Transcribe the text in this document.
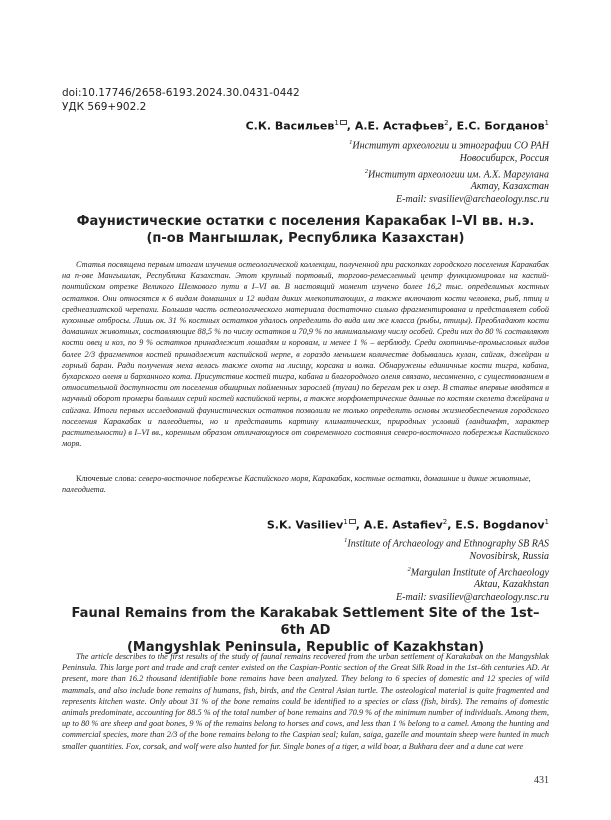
doi:10.17746/2658-6193.2024.30.0431-0442
УДК 569+902.2
С.К. Васильев$^1$ , А.Е. Астафьев$^2$, Е.С. Богданов$^1$
$^1$Институт археологии и этнографии СО РАН
Новосибирск, Россия
$^2$Институт археологии им. А.Х. Маргулана
Актау, Казахстан
E-mail: svasiliev@archaeology.nsc.ru
Фаунистические остатки с поселения Каракабак I–VI вв. н.э.
(п-ов Мангышлак, Республика Казахстан)

Статья посвящена первым итогам изучения остеологической коллекции, полученной при раскопках городского поселения Каракабак на п-ове Мангышлак, Республика Казахстан. Этот крупный портовый, торгово-ремесленный центр функционировал на каспий-понтийском отрезке Великого Шелкового пути в I–VI вв. В настоящий момент изучено более 16,2 тыс. определимых костных остатков. Они относятся к 6 видам домашних и 12 видам диких млекопитающих, а также включают кости человека, рыб, птиц и среднеазиатской черепахи. Большая часть остеологического материала достаточно сильно фрагментирована и представляет собой кухонные отбросы. Лишь ок. 31 % костных остатков удалось определить до вида или же класса (рыбы, птицы). Преобладают кости домашних животных, составляющие 88,5 % по числу остатков и 70,9 % по минимальному числу особей. Среди них до 80 % составляют кости овец и коз, по 9 % остатков принадлежит лошадям и коровам, и менее 1 % – верблюду. Среди охотничье-промысловых видов более 2/3 фрагментов костей принадлежит каспийской нерпе, в гораздо меньшем количестве добывались кулан, сайгак, джейран и горный баран. Ради получения меха велась также охота на лисицу, корсака и волка. Обнаружены единичные кости тигра, кабана, бухарского оленя и барханного кота. Присутствие костей тигра, кабана и благородного оленя связано, несомненно, с существованием в относительной доступности от поселения обширных пойменных зарослей (тугаи) по берегам рек и озер. В статье впервые вводятся в научный оборот промеры больших серий костей каспийской нерпы, а также морфометрические данные по костям скелета джейрана и сайгака. Итоги первых исследований фаунистических остатков позволили не только определить основы жизнеобеспечения городского поселения Каракабак и палеодиеты, но и представить картину климатических, природных условий (ландшафт, характер растительности) в I–VI вв., коренным образом отличающуюся от современного состояния северо-восточного побережья Каспийского моря.

Ключевые слова: северо-восточное побережье Каспийского моря, Каракабак, костные остатки, домашние и дикие животные, палеодиета.
S.K. Vasiliev$^1$ , A.E. Astafiev$^2$, E.S. Bogdanov$^1$
$^1$Institute of Archaeology and Ethnography SB RAS
Novosibirsk, Russia
$^2$Margulan Institute of Archaeology
Aktau, Kazakhstan
E-mail: svasiliev@archaeology.nsc.ru
Faunal Remains from the Karakabak Settlement Site of the 1st–6th AD
(Mangyshlak Peninsula, Republic of Kazakhstan)

The article describes to the first results of the study of faunal remains recovered from the urban settlement of Karakabak on the Mangyshlak Peninsula. This large port and trade and craft center existed on the Caspian-Pontic section of the Great Silk Road in the 1st–6th centuries AD. At present, more than 16.2 thousand identifiable bone remains have been analyzed. They belong to 6 species of domestic and 12 species of wild mammals, and also include bone remains of humans, fish, birds, and the Central Asian turtle. The osteological material is quite fragmented and represents kitchen waste. Only about 31 % of the bone remains could be identified to a species or class (fish, birds). The remains of domestic animals predominate, accounting for 88.5 % of the total number of bone remains and 70.9 % of the minimum number of individuals. Among them, up to 80 % are sheep and goat bones, 9 % of the remains belong to horses and cows, and less than 1 % belong to a camel. Among the hunting and commercial species, more than 2/3 of the bone remains belong to the Caspian seal; kulan, saiga, gazelle and mountain sheep were hunted in much smaller quantities. Fox, corsak, and wolf were also hunted for fur. Single bones of a tiger, a wild boar, a Bukhara deer and a dune cat were

431
